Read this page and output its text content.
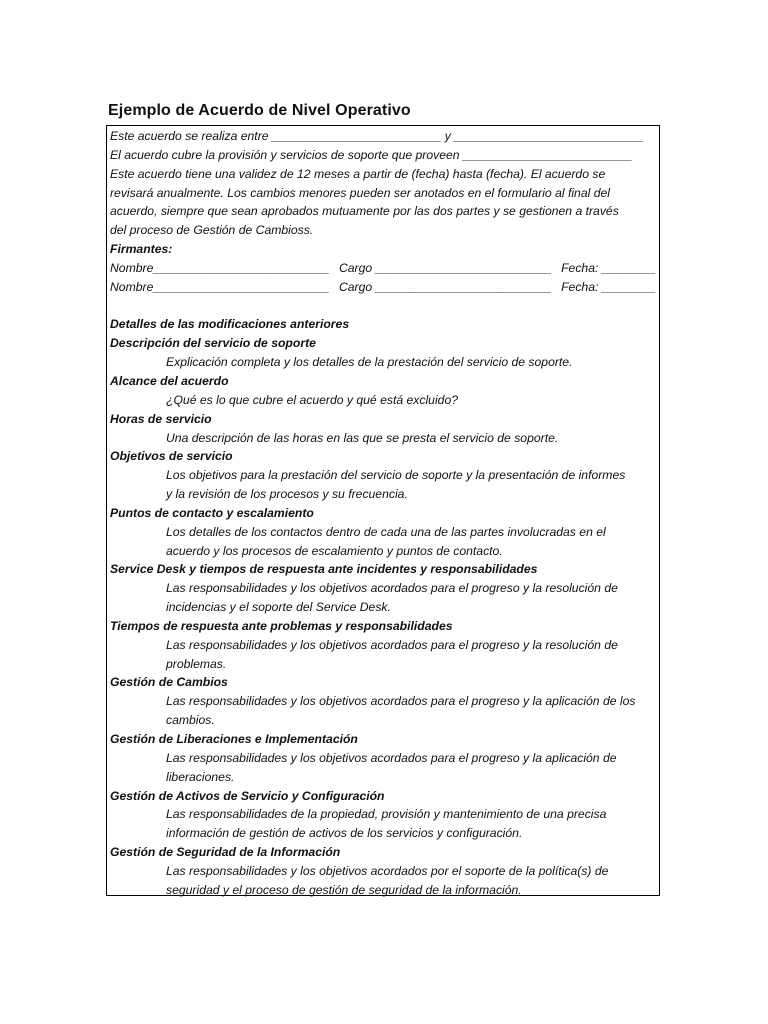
Ejemplo de Acuerdo de Nivel Operativo
Este acuerdo se realiza entre _________________________ y ____________________________
El acuerdo cubre la provisión y servicios de soporte que proveen _________________________
Este acuerdo tiene una validez de 12 meses a partir de (fecha) hasta (fecha). El acuerdo se
revisará anualmente. Los cambios menores pueden ser anotados en el formulario al final del
acuerdo, siempre que sean aprobados mutuamente por las dos partes y se gestionen a través
del proceso de Gestión de Cambioss.
Firmantes:
Nombre__________________________ Cargo __________________________ Fecha: ________
Nombre__________________________ Cargo __________________________ Fecha: ________
Detalles de las modificaciones anteriores
Descripción del servicio de soporte
Explicación completa y los detalles de la prestación del servicio de soporte.
Alcance del acuerdo
¿Qué es lo que cubre el acuerdo y qué está excluido?
Horas de servicio
Una descripción de las horas en las que se presta el servicio de soporte.
Objetivos de servicio
Los objetivos para la prestación del servicio de soporte y la presentación de informes
y la revisión de los procesos y su frecuencia.
Puntos de contacto y escalamiento
Los detalles de los contactos dentro de cada una de las partes involucradas en el
acuerdo y los procesos de escalamiento y puntos de contacto.
Service Desk y tiempos de respuesta ante incidentes y responsabilidades
Las responsabilidades y los objetivos acordados para el progreso y la resolución de
incidencias y el soporte del Service Desk.
Tiempos de respuesta ante problemas y responsabilidades
Las responsabilidades y los objetivos acordados para el progreso y la resolución de
problemas.
Gestión de Cambios
Las responsabilidades y los objetivos acordados para el progreso y la aplicación de los
cambios.
Gestión de Liberaciones e Implementación
Las responsabilidades y los objetivos acordados para el progreso y la aplicación de
liberaciones.
Gestión de Activos de Servicio y Configuración
Las responsabilidades de la propiedad, provisión y mantenimiento de una precisa
información de gestión de activos de los servicios y configuración.
Gestión de Seguridad de la Información
Las responsabilidades y los objetivos acordados por el soporte de la política(s) de
seguridad y el proceso de gestión de seguridad de la información.
